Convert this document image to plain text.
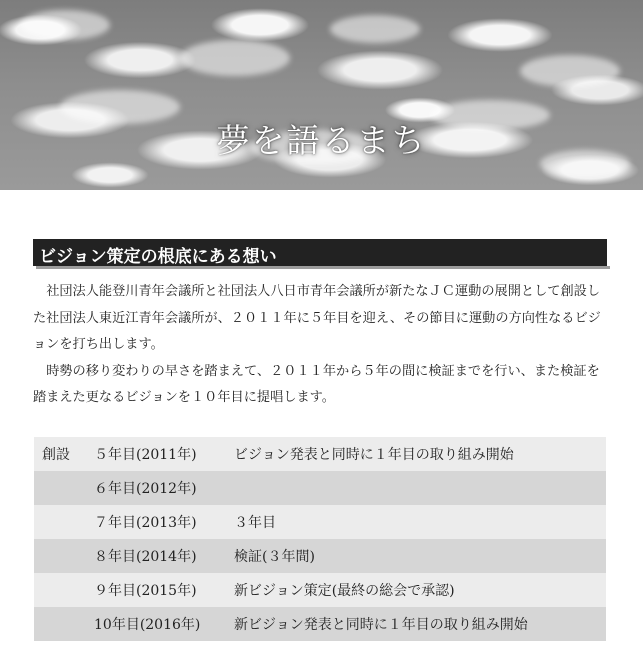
夢を語るまち
ビジョン策定の根底にある想い

社団法人能登川青年会議所と社団法人八日市青年会議所が新たなＪＣ運動の展開として創設した社団法人東近江青年会議所が、２０１１年に５年目を迎え、その節目に運動の方向性なるビジョンを打ち出します。

時勢の移り変わりの早さを踏まえて、２０１１年から５年の間に検証までを行い、また検証を踏まえた更なるビジョンを１０年目に提唱します。

創設	５年目(2011年)	ビジョン発表と同時に１年目の取り組み開始
	６年目(2012年)	
	７年目(2013年)	３年目
	８年目(2014年)	検証(３年間)
	９年目(2015年)	新ビジョン策定(最終の総会で承認)
	10年目(2016年)	新ビジョン発表と同時に１年目の取り組み開始
